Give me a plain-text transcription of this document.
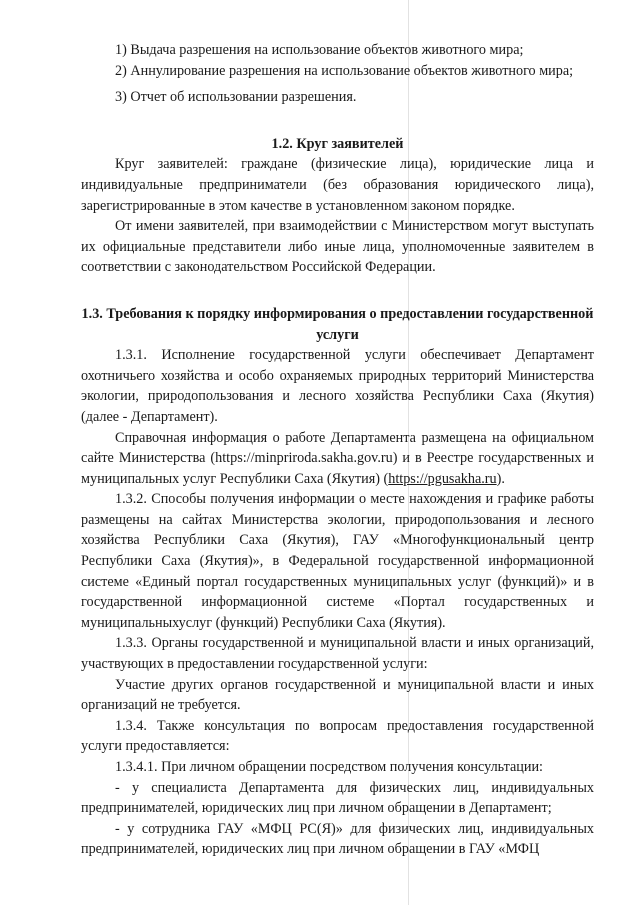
1) Выдача разрешения на использование объектов животного мира;

2) Аннулирование разрешения на использование объектов животного мира;

3) Отчет об использовании разрешения.

1.2. Круг заявителей

Круг заявителей: граждане (физические лица), юридические лица и индивидуальные предприниматели (без образования юридического лица), зарегистрированные в этом качестве в установленном законом порядке.

От имени заявителей, при взаимодействии с Министерством могут выступать их официальные представители либо иные лица, уполномоченные заявителем в соответствии с законодательством Российской Федерации.

1.3. Требования к порядку информирования о предоставлении государственной услуги

1.3.1. Исполнение государственной услуги обеспечивает Департамент охотничьего хозяйства и особо охраняемых природных территорий Министерства экологии, природопользования и лесного хозяйства Республики Саха (Якутия) (далее - Департамент).

Справочная информация о работе Департамента размещена на официальном сайте Министерства (https://minpriroda.sakha.gov.ru) и в Реестре государственных и муниципальных услуг Республики Саха (Якутия) (https://pgusakha.ru).

1.3.2. Способы получения информации о месте нахождения и графике работы размещены на сайтах Министерства экологии, природопользования и лесного хозяйства Республики Саха (Якутия), ГАУ «Многофункциональный центр Республики Саха (Якутия)», в Федеральной государственной информационной системе «Единый портал государственных муниципальных услуг (функций)» и в государственной информационной системе «Портал государственных и муниципальныхуслуг (функций) Республики Саха (Якутия).

1.3.3. Органы государственной и муниципальной власти и иных организаций, участвующих в предоставлении государственной услуги:

Участие других органов государственной и муниципальной власти и иных организаций не требуется.

1.3.4. Также консультация по вопросам предоставления государственной услуги предоставляется:

1.3.4.1. При личном обращении посредством получения консультации:

- у специалиста Департамента для физических лиц, индивидуальных предпринимателей, юридических лиц при личном обращении в Департамент;

- у сотрудника ГАУ «МФЦ РС(Я)» для физических лиц, индивидуальных предпринимателей, юридических лиц при личном обращении в ГАУ «МФЦ
